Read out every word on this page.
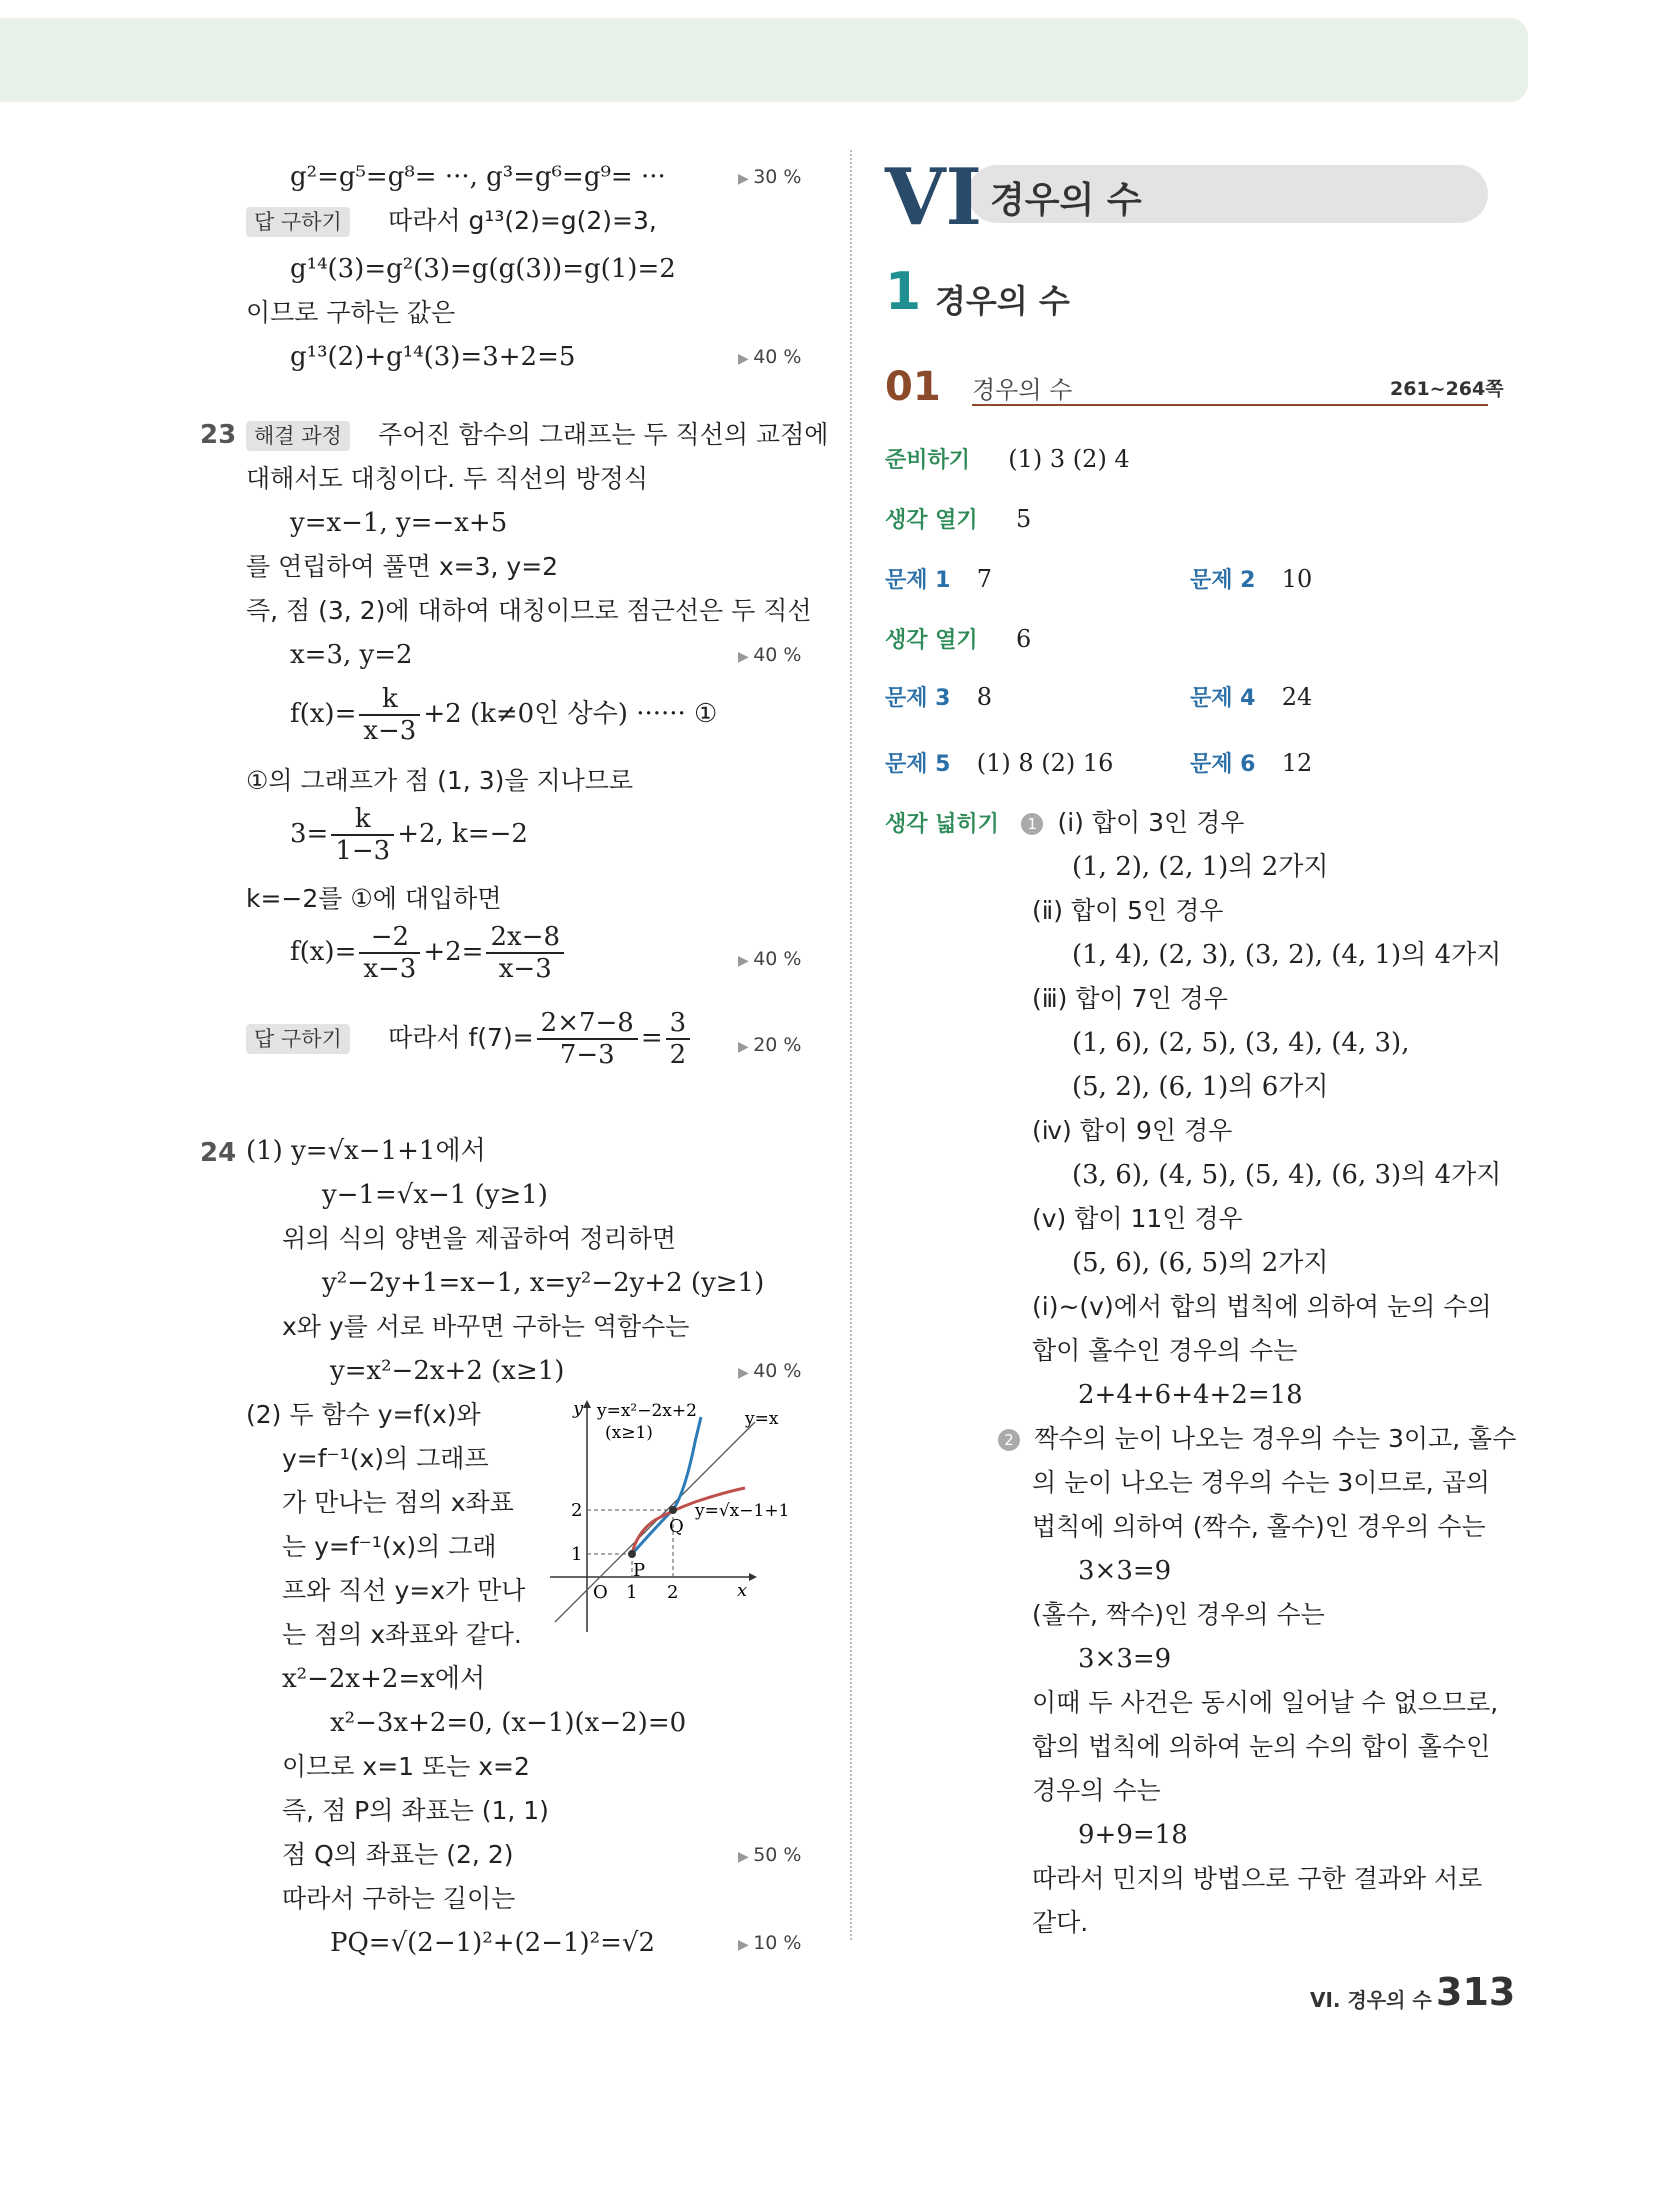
g²=g⁵=g⁸= ···, g³=g⁶=g⁹= ···	▶ 30 %
답 구하기 따라서 g¹³(2)=g(2)=3,
g¹⁴(3)=g²(3)=g(g(3))=g(1)=2
이므로 구하는 값은
g¹³(2)+g¹⁴(3)=3+2=5	▶ 40 %
23 해결 과정 주어진 함수의 그래프는 두 직선의 교점에
대해서도 대칭이다. 두 직선의 방정식
y=x−1, y=−x+5
를 연립하여 풀면 x=3, y=2
즉, 점 (3, 2)에 대하여 대칭이므로 점근선은 두 직선
x=3, y=2	▶ 40 %
$f(x)= \frac{k}{x-3} +2$ (k≠0인 상수) ······ ①
①의 그래프가 점 (1, 3)을 지나므로
$3= \frac{k}{1-3} +2$, k=−2
k=−2를 ①에 대입하면
$f(x)= \frac{-2}{x-3} +2= \frac{2x-8}{x-3}$	▶ 40 %
답 구하기 따라서 $f(7)= \frac{2\times 7-8}{7-3} = \frac{3}{2}$	▶ 20 %
24 (1) y=√x−1+1에서
y−1=√x−1 (y≥1)
위의 식의 양변을 제곱하여 정리하면
y²−2y+1=x−1, x=y²−2y+2 (y≥1)
x와 y를 서로 바꾸면 구하는 역함수는
y=x²−2x+2 (x≥1)	▶ 40 %
(2) 두 함수 y=f(x)와
y=f⁻¹(x)의 그래프
가 만나는 점의 x좌표
는 y=f⁻¹(x)의 그래
프와 직선 y=x가 만나
는 점의 x좌표와 같다.
y
x
O 1 2
1
2
y=x²−2x+2
(x≥1)
y=x
y=√x−1+1
P
Q
x²−2x+2=x에서
x²−3x+2=0, (x−1)(x−2)=0
이므로 x=1 또는 x=2
즉, 점 P의 좌표는 (1, 1)
점 Q의 좌표는 (2, 2)	▶ 50 %
따라서 구하는 길이는
PQ=√(2−1)²+(2−1)²=√2	▶ 10 %
VI 경우의 수
1 경우의 수
01 경우의 수	261~264쪽
준비하기 (1) 3 (2) 4
생각 열기 5
문제 1 7	문제 2 10
생각 열기 6
문제 3 8	문제 4 24
문제 5 (1) 8 (2) 16	문제 6 12
생각 넓히기 1 (ⅰ) 합이 3인 경우
(1, 2), (2, 1)의 2가지
(ⅱ) 합이 5인 경우
(1, 4), (2, 3), (3, 2), (4, 1)의 4가지
(ⅲ) 합이 7인 경우
(1, 6), (2, 5), (3, 4), (4, 3),
(5, 2), (6, 1)의 6가지
(ⅳ) 합이 9인 경우
(3, 6), (4, 5), (5, 4), (6, 3)의 4가지
(ⅴ) 합이 11인 경우
(5, 6), (6, 5)의 2가지
(ⅰ)~(ⅴ)에서 합의 법칙에 의하여 눈의 수의
합이 홀수인 경우의 수는
2+4+6+4+2=18
2 짝수의 눈이 나오는 경우의 수는 3이고, 홀수
의 눈이 나오는 경우의 수는 3이므로, 곱의
법칙에 의하여 (짝수, 홀수)인 경우의 수는
3×3=9
(홀수, 짝수)인 경우의 수는
3×3=9
이때 두 사건은 동시에 일어날 수 없으므로,
합의 법칙에 의하여 눈의 수의 합이 홀수인
경우의 수는
9+9=18
따라서 민지의 방법으로 구한 결과와 서로
같다.
VI. 경우의 수 313
